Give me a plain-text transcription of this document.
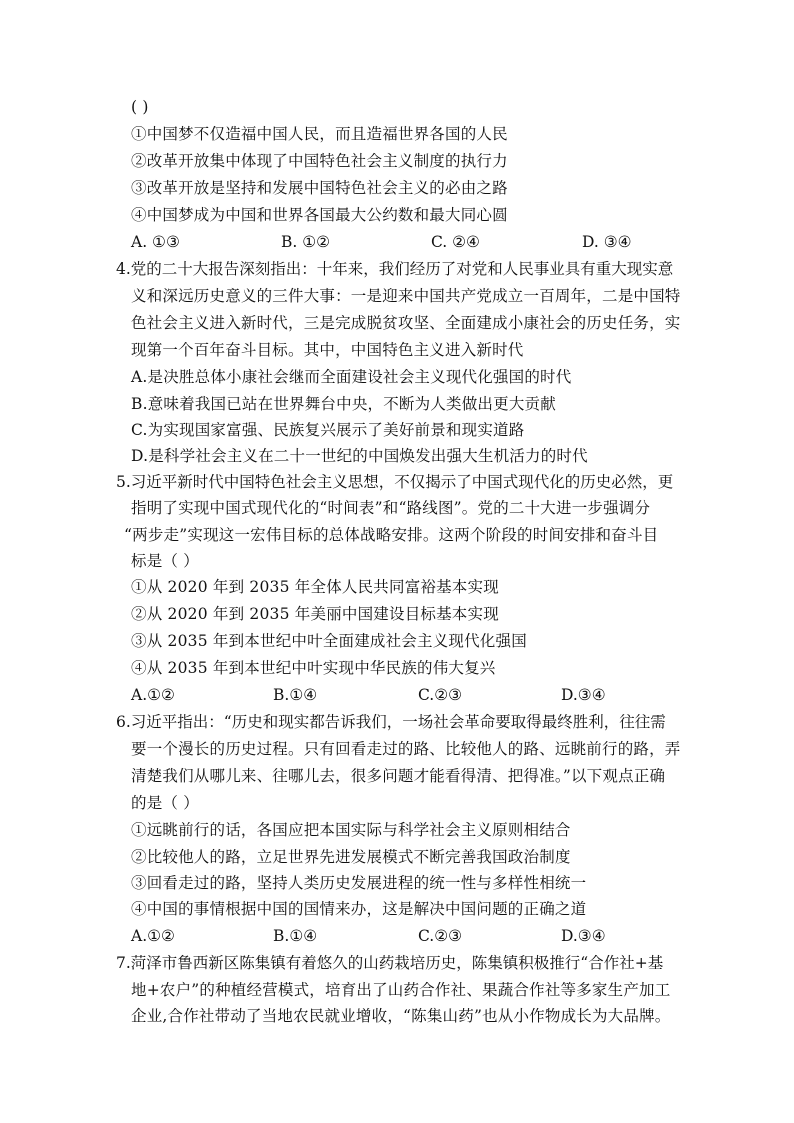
( )
①中国梦不仅造福中国人民，而且造福世界各国的人民
②改革开放集中体现了中国特色社会主义制度的执行力
③改革开放是坚持和发展中国特色社会主义的必由之路
④中国梦成为中国和世界各国最大公约数和最大同心圆
A. ①③	B. ①②	C. ②④	D. ③④
4.党的二十大报告深刻指出：十年来，我们经历了对党和人民事业具有重大现实意
义和深远历史意义的三件大事：一是迎来中国共产党成立一百周年，二是中国特
色社会主义进入新时代，三是完成脱贫攻坚、全面建成小康社会的历史任务，实
现第一个百年奋斗目标。其中，中国特色主义进入新时代
A.是决胜总体小康社会继而全面建设社会主义现代化强国的时代
B.意味着我国已站在世界舞台中央，不断为人类做出更大贡献
C.为实现国家富强、民族复兴展示了美好前景和现实道路
D.是科学社会主义在二十一世纪的中国焕发出强大生机活力的时代
5.习近平新时代中国特色社会主义思想，不仅揭示了中国式现代化的历史必然，更
指明了实现中国式现代化的“时间表”和“路线图”。党的二十大进一步强调分
“两步走”实现这一宏伟目标的总体战略安排。这两个阶段的时间安排和奋斗目
标是（ ）
①从 2020 年到 2035 年全体人民共同富裕基本实现
②从 2020 年到 2035 年美丽中国建设目标基本实现
③从 2035 年到本世纪中叶全面建成社会主义现代化强国
④从 2035 年到本世纪中叶实现中华民族的伟大复兴
A.①②	B.①④	C.②③	D.③④
6.习近平指出：“历史和现实都告诉我们，一场社会革命要取得最终胜利，往往需
要一个漫长的历史过程。只有回看走过的路、比较他人的路、远眺前行的路，弄
清楚我们从哪儿来、往哪儿去，很多问题才能看得清、把得准。”以下观点正确
的是（ ）
①远眺前行的话，各国应把本国实际与科学社会主义原则相结合
②比较他人的路，立足世界先进发展模式不断完善我国政治制度
③回看走过的路，坚持人类历史发展进程的统一性与多样性相统一
④中国的事情根据中国的国情来办，这是解决中国问题的正确之道
A.①②	B.①④	C.②③	D.③④
7.菏泽市鲁西新区陈集镇有着悠久的山药栽培历史，陈集镇积极推行“合作社+基
地+农户”的种植经营模式，培育出了山药合作社、果蔬合作社等多家生产加工
企业,合作社带动了当地农民就业增收，“陈集山药”也从小作物成长为大品牌。
